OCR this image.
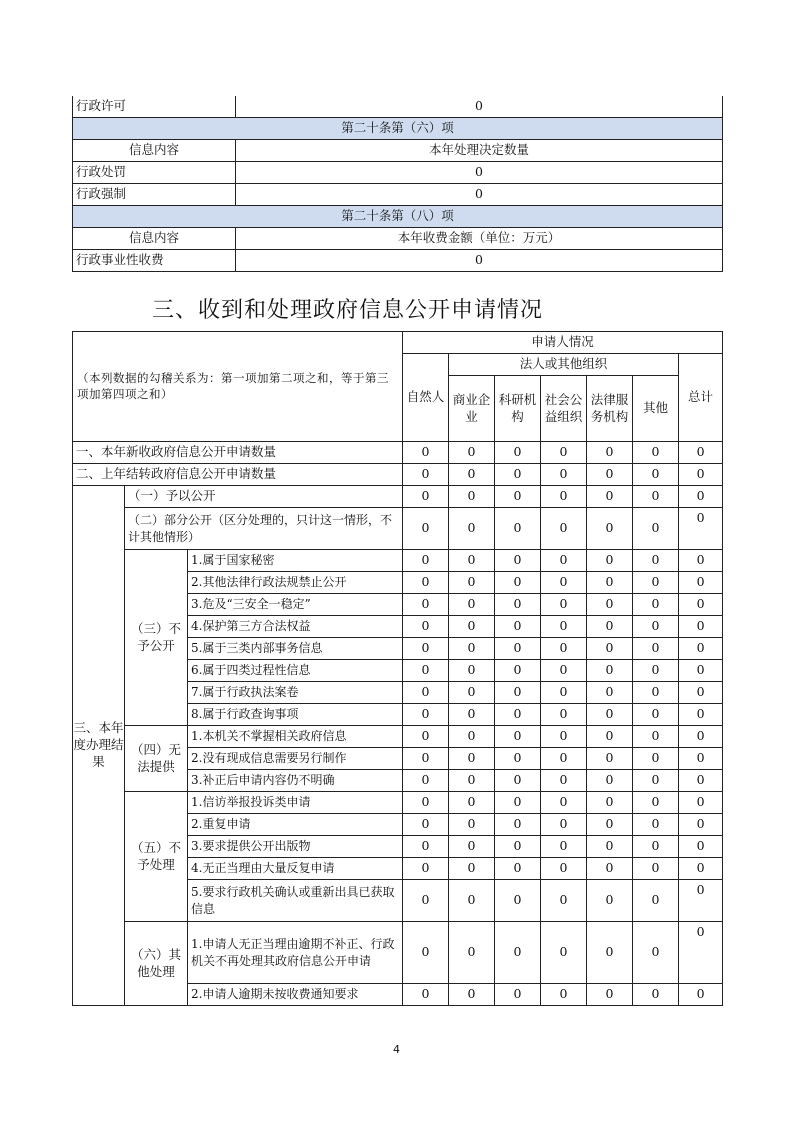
行政许可	0
第二十条第（六）项	
信息内容	本年处理决定数量
行政处罚	0
行政强制	0
第二十条第（八）项	
信息内容	本年收费金额（单位：万元）
行政事业性收费	0
三、收到和处理政府信息公开申请情况
（本列数据的勾稽关系为：第一项加第二项之和，等于第三项加第四项之和）			申请人情况						
			自然人	法人或其他组织					总计
				商业企业	科研机构	社会公益组织	法律服务机构	其他	
一、本年新收政府信息公开申请数量			0	0	0	0	0	0	0
二、上年结转政府信息公开申请数量			0	0	0	0	0	0	0
三、本年度办理结果	（一）予以公开		0	0	0	0	0	0	0
	（二）部分公开（区分处理的，只计这一情形，不计其他情形）		0	0	0	0	0	0	0
	（三）不予公开	1.属于国家秘密	0	0	0	0	0	0	0
		2.其他法律行政法规禁止公开	0	0	0	0	0	0	0
		3.危及“三安全一稳定”	0	0	0	0	0	0	0
		4.保护第三方合法权益	0	0	0	0	0	0	0
		5.属于三类内部事务信息	0	0	0	0	0	0	0
		6.属于四类过程性信息	0	0	0	0	0	0	0
		7.属于行政执法案卷	0	0	0	0	0	0	0
		8.属于行政查询事项	0	0	0	0	0	0	0
	（四）无法提供	1.本机关不掌握相关政府信息	0	0	0	0	0	0	0
		2.没有现成信息需要另行制作	0	0	0	0	0	0	0
		3.补正后申请内容仍不明确	0	0	0	0	0	0	0
	（五）不予处理	1.信访举报投诉类申请	0	0	0	0	0	0	0
		2.重复申请	0	0	0	0	0	0	0
		3.要求提供公开出版物	0	0	0	0	0	0	0
		4.无正当理由大量反复申请	0	0	0	0	0	0	0
		5.要求行政机关确认或重新出具已获取信息	0	0	0	0	0	0	0
	（六）其他处理	1.申请人无正当理由逾期不补正、行政机关不再处理其政府信息公开申请	0	0	0	0	0	0	0
		2.申请人逾期未按收费通知要求	0	0	0	0	0	0	0
4
